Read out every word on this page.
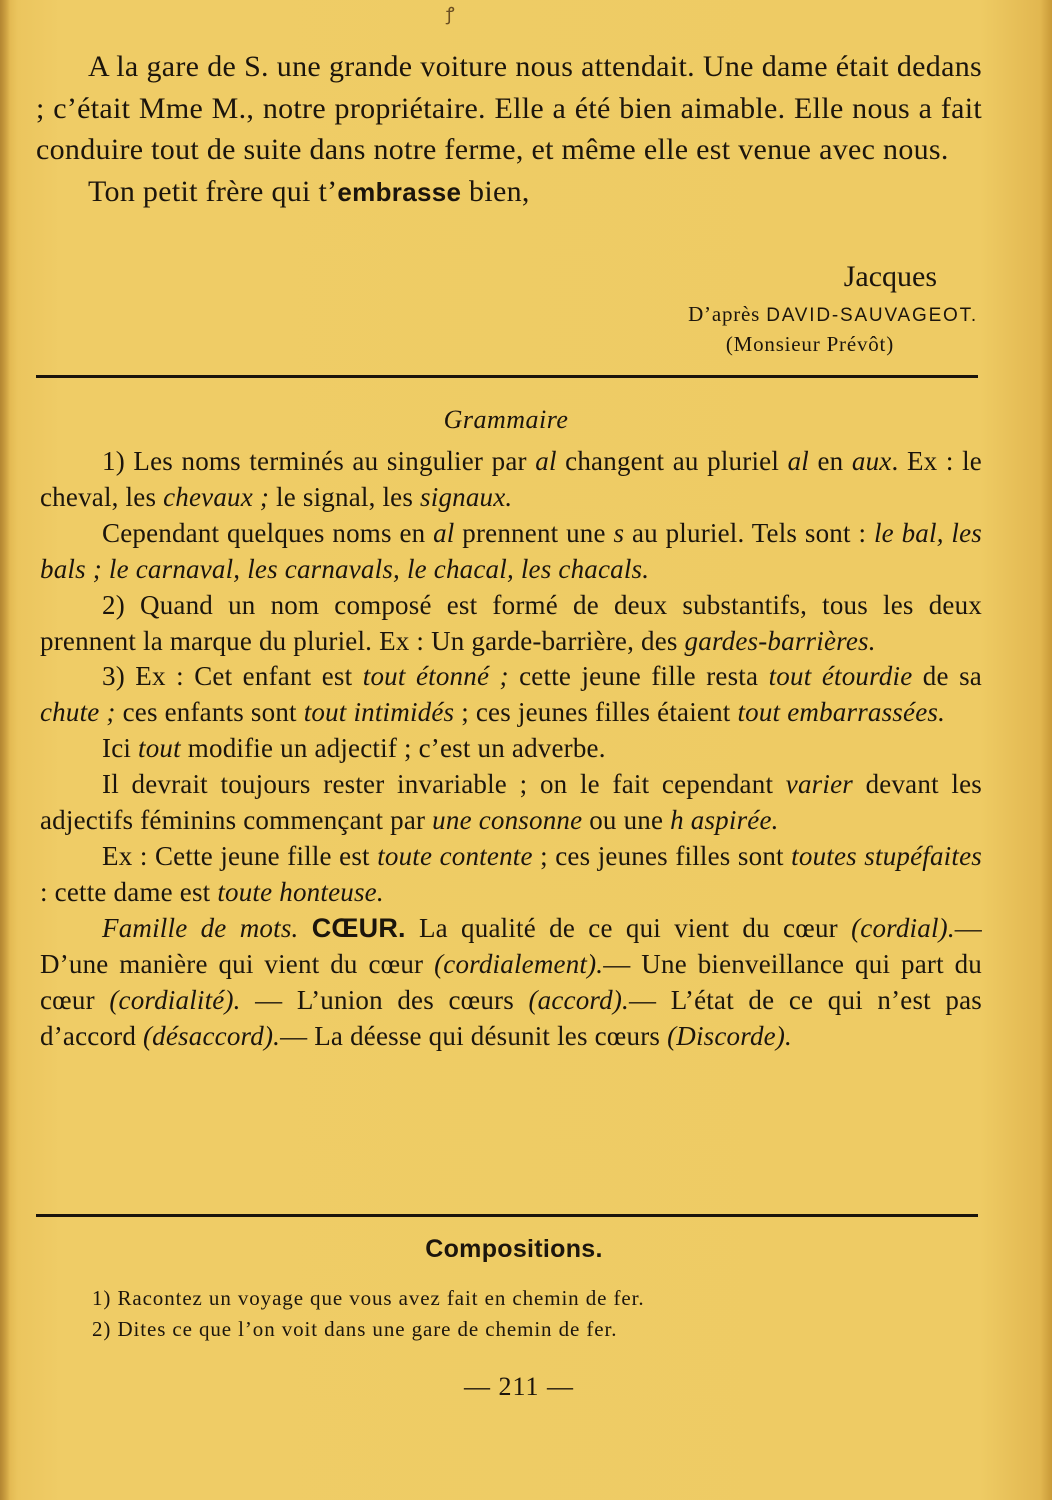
ꝭ

A la gare de S. une grande voiture nous attendait. Une dame était dedans ; c’était Mme M., notre propriétaire. Elle a été bien aimable. Elle nous a fait conduire tout de suite dans notre ferme, et même elle est venue avec nous.

Ton petit frère qui t’embrasse bien,

Jacques
D’après DAVID-SAUVAGEOT.
(Monsieur Prévôt)
Grammaire

1) Les noms terminés au singulier par al changent au pluriel al en aux. Ex : le cheval, les chevaux ; le signal, les signaux.

Cependant quelques noms en al prennent une s au pluriel. Tels sont : le bal, les bals ; le carnaval, les carnavals, le chacal, les chacals.

2) Quand un nom composé est formé de deux substantifs, tous les deux prennent la marque du pluriel. Ex : Un garde-barrière, des gardes-barrières.

3) Ex : Cet enfant est tout étonné ; cette jeune fille resta tout étourdie de sa chute ; ces enfants sont tout intimidés ; ces jeunes filles étaient tout embarrassées.

Ici tout modifie un adjectif ; c’est un adverbe.

Il devrait toujours rester invariable ; on le fait cependant varier devant les adjectifs féminins commençant par une consonne ou une h aspirée.

Ex : Cette jeune fille est toute contente ; ces jeunes filles sont toutes stupéfaites : cette dame est toute honteuse.

Famille de mots. CŒUR. La qualité de ce qui vient du cœur (cordial).— D’une manière qui vient du cœur (cordialement).— Une bienveillance qui part du cœur (cordialité). — L’union des cœurs (accord).— L’état de ce qui n’est pas d’accord (désaccord).— La déesse qui désunit les cœurs (Discorde).

Compositions.
1) Racontez un voyage que vous avez fait en chemin de fer.
2) Dites ce que l’on voit dans une gare de chemin de fer.
— 211 —
